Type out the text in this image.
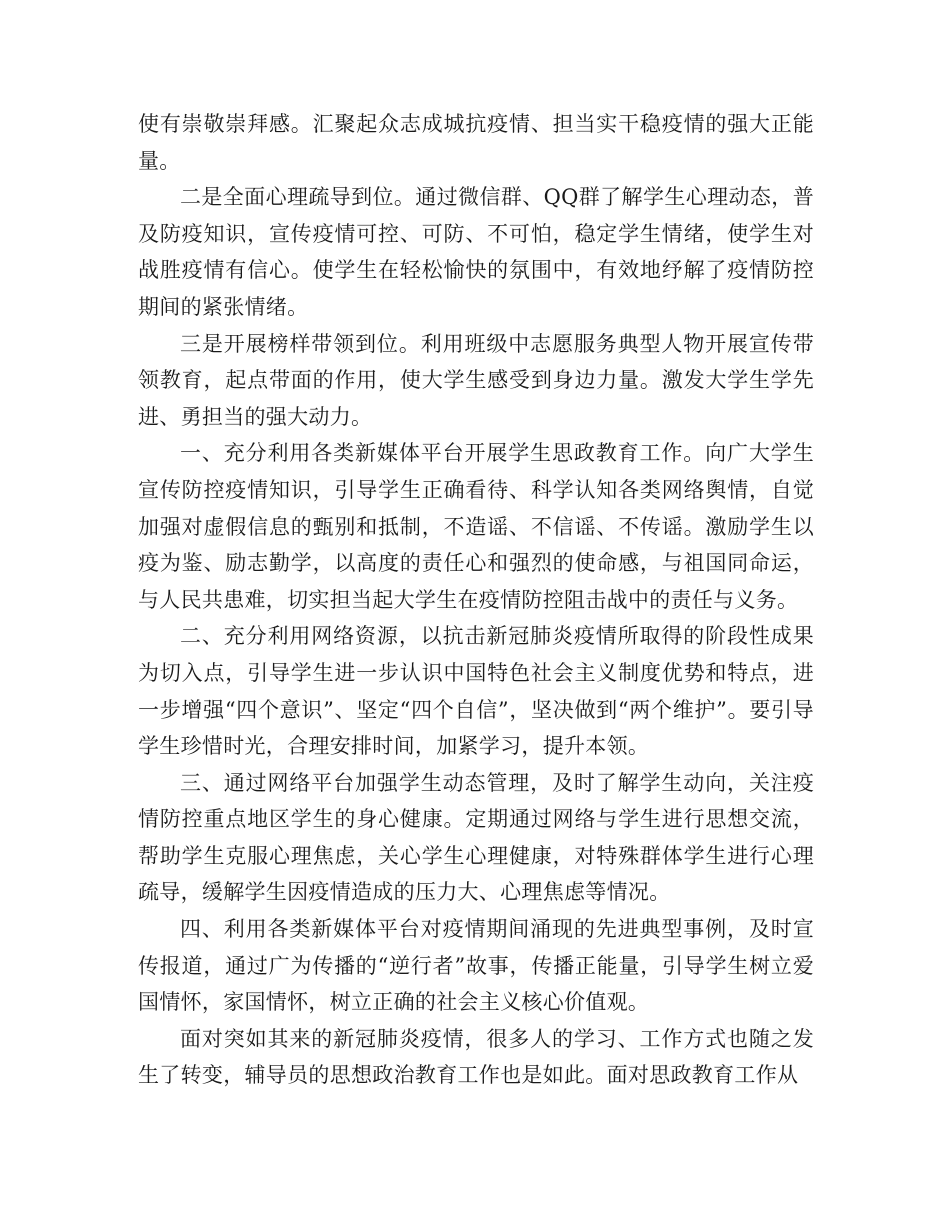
使有崇敬崇拜感。汇聚起众志成城抗疫情、担当实干稳疫情的强大正能量。

二是全面心理疏导到位。通过微信群、QQ群了解学生心理动态，普及防疫知识，宣传疫情可控、可防、不可怕，稳定学生情绪，使学生对战胜疫情有信心。使学生在轻松愉快的氛围中，有效地纾解了疫情防控期间的紧张情绪。

三是开展榜样带领到位。利用班级中志愿服务典型人物开展宣传带领教育，起点带面的作用，使大学生感受到身边力量。激发大学生学先进、勇担当的强大动力。

一、充分利用各类新媒体平台开展学生思政教育工作。向广大学生宣传防控疫情知识，引导学生正确看待、科学认知各类网络舆情，自觉加强对虚假信息的甄别和抵制，不造谣、不信谣、不传谣。激励学生以疫为鉴、励志勤学，以高度的责任心和强烈的使命感，与祖国同命运，与人民共患难，切实担当起大学生在疫情防控阻击战中的责任与义务。

二、充分利用网络资源，以抗击新冠肺炎疫情所取得的阶段性成果为切入点，引导学生进一步认识中国特色社会主义制度优势和特点，进一步增强“四个意识”、坚定“四个自信”，坚决做到“两个维护”。要引导学生珍惜时光，合理安排时间，加紧学习，提升本领。

三、通过网络平台加强学生动态管理，及时了解学生动向，关注疫情防控重点地区学生的身心健康。定期通过网络与学生进行思想交流，帮助学生克服心理焦虑，关心学生心理健康，对特殊群体学生进行心理疏导，缓解学生因疫情造成的压力大、心理焦虑等情况。

四、利用各类新媒体平台对疫情期间涌现的先进典型事例，及时宣传报道，通过广为传播的“逆行者”故事，传播正能量，引导学生树立爱国情怀，家国情怀，树立正确的社会主义核心价值观。

面对突如其来的新冠肺炎疫情，很多人的学习、工作方式也随之发生了转变，辅导员的思想政治教育工作也是如此。面对思政教育工作从
